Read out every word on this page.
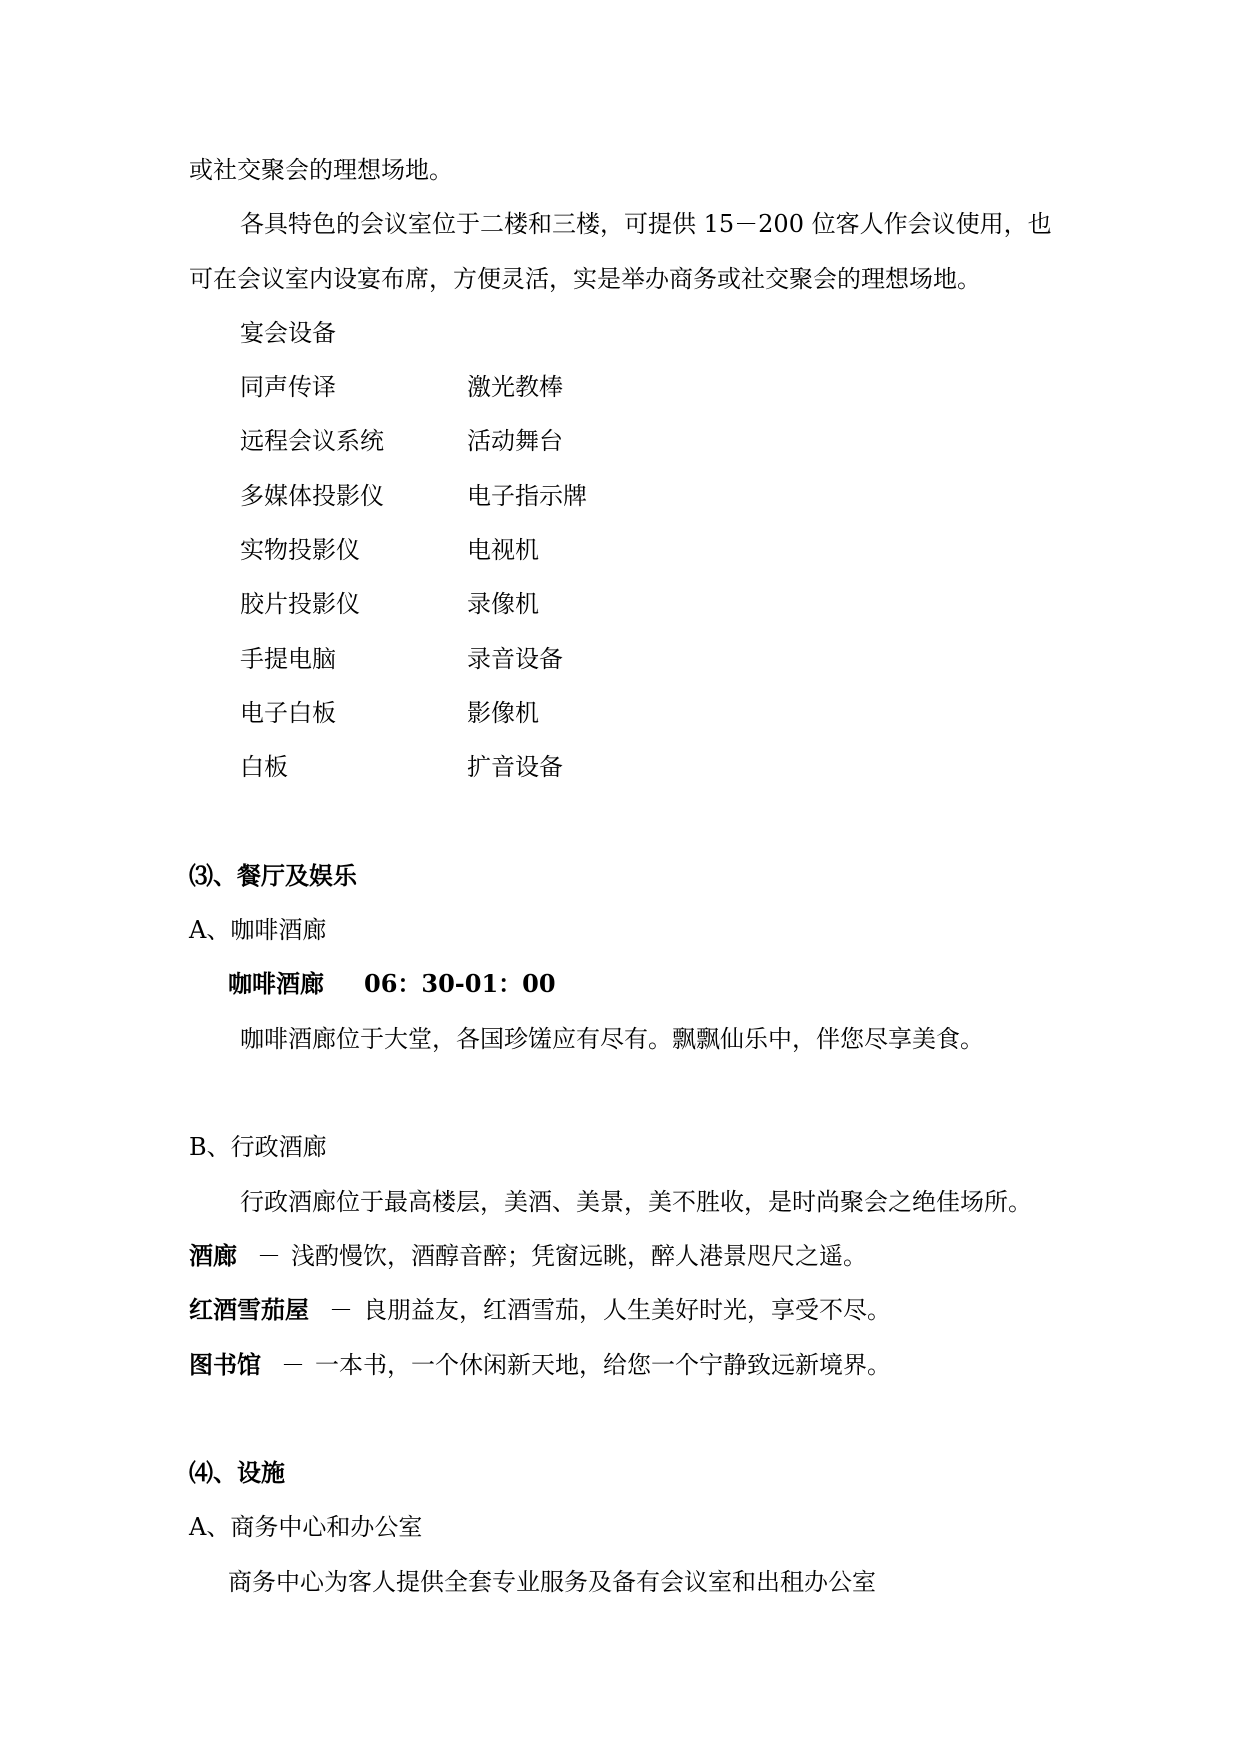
或社交聚会的理想场地。
各具特色的会议室位于二楼和三楼，可提供 15－200 位客人作会议使用，也
可在会议室内设宴布席，方便灵活，实是举办商务或社交聚会的理想场地。
宴会设备
同声传译	激光教棒
远程会议系统	活动舞台
多媒体投影仪	电子指示牌
实物投影仪	电视机
胶片投影仪	录像机
手提电脑	录音设备
电子白板	影像机
白板	扩音设备
⑶、餐厅及娱乐
A、咖啡酒廊
咖啡酒廊 06：30-01：00
咖啡酒廊位于大堂，各国珍馐应有尽有。飘飘仙乐中，伴您尽享美食。
B、行政酒廊
行政酒廊位于最高楼层，美酒、美景，美不胜收，是时尚聚会之绝佳场所。
酒廊 － 浅酌慢饮，酒醇音醉；凭窗远眺，醉人港景咫尺之遥。
红酒雪茄屋 － 良朋益友，红酒雪茄，人生美好时光，享受不尽。
图书馆 － 一本书，一个休闲新天地，给您一个宁静致远新境界。
⑷、设施
A、商务中心和办公室
商务中心为客人提供全套专业服务及备有会议室和出租办公室
